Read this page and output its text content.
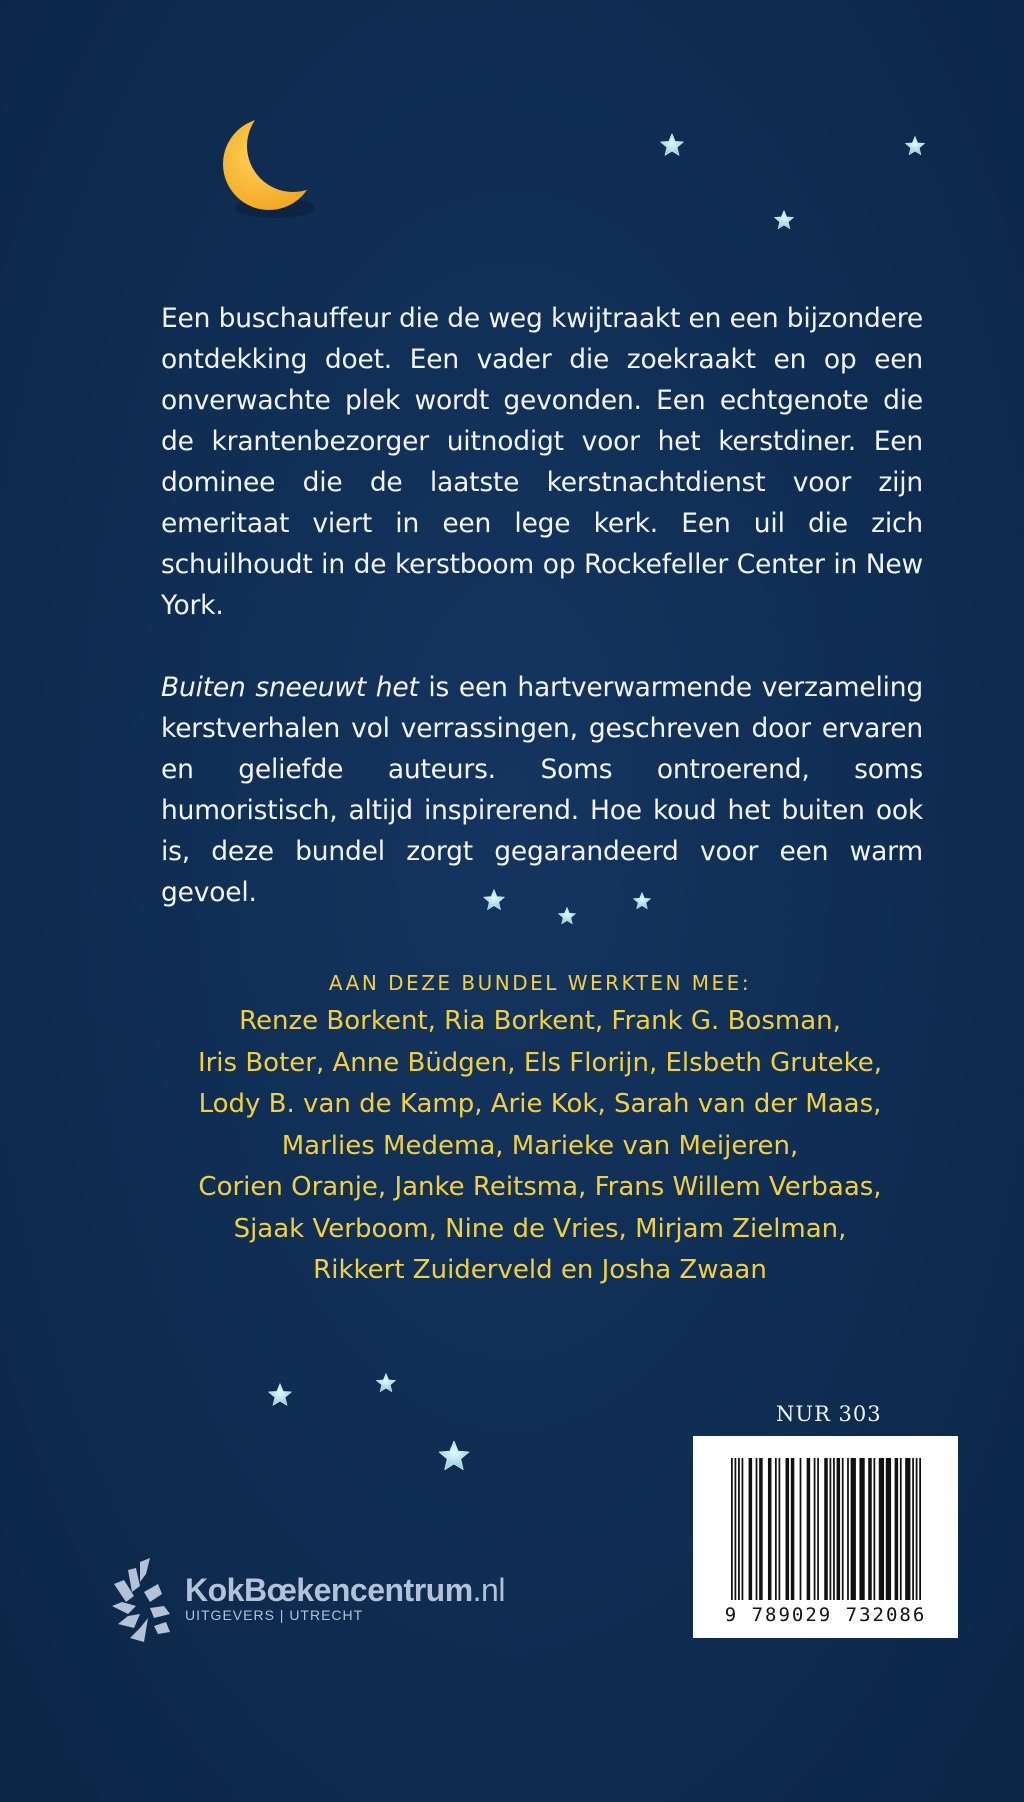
Een buschauffeur die de weg kwijtraakt en een bijzondere ontdekking doet. Een vader die zoekraakt en op een onverwachte plek wordt gevonden. Een echtgenote die de krantenbezorger uitnodigt voor het kerstdiner. Een dominee die de laatste kerstnachtdienst voor zijn emeritaat viert in een lege kerk. Een uil die zich schuilhoudt in de kerstboom op Rockefeller Center in New York.

Buiten sneeuwt het is een hartverwarmende verzameling kerstverhalen vol verrassingen, geschreven door ervaren en geliefde auteurs. Soms ontroerend, soms humoristisch, altijd inspirerend. Hoe koud het buiten ook is, deze bundel zorgt gegarandeerd voor een warm gevoel.

AAN DEZE BUNDEL WERKTEN MEE:
Renze Borkent, Ria Borkent, Frank G. Bosman,
Iris Boter, Anne Büdgen, Els Florijn, Elsbeth Gruteke,
Lody B. van de Kamp, Arie Kok, Sarah van der Maas,
Marlies Medema, Marieke van Meijeren,
Corien Oranje, Janke Reitsma, Frans Willem Verbaas,
Sjaak Verboom, Nine de Vries, Mirjam Zielman,
Rikkert Zuiderveld en Josha Zwaan
NUR 303
9 789029 732086
KokBœkencentrum.nl
UITGEVERS | UTRECHT
